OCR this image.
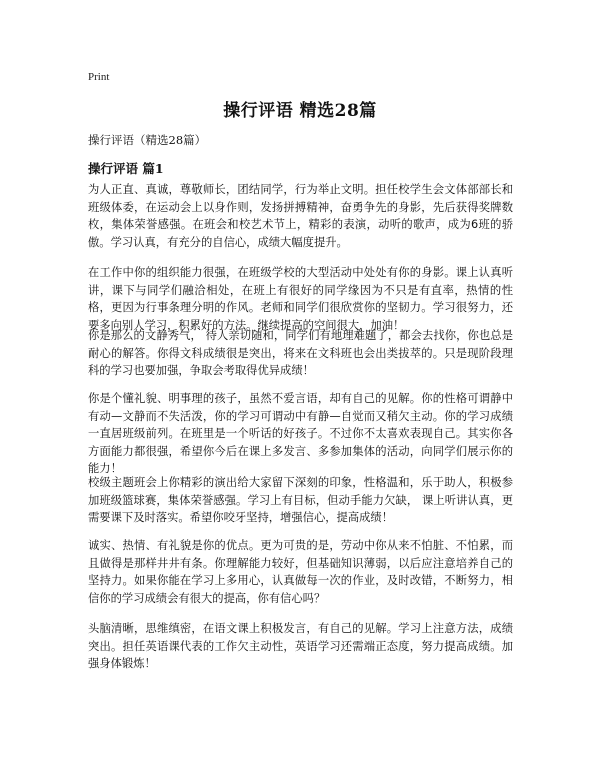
Print
操行评语 精选28篇
操行评语（精选28篇）
操行评语 篇1

为人正直、真诚，尊敬师长，团结同学，行为举止文明。担任校学生会文体部部长和班级体委，在运动会上以身作则，发扬拼搏精神，奋勇争先的身影，先后获得奖牌数枚，集体荣誉感强。在班会和校艺术节上，精彩的表演，动听的歌声，成为6班的骄傲。学习认真，有充分的自信心，成绩大幅度提升。

在工作中你的组织能力很强，在班级学校的大型活动中处处有你的身影。课上认真听讲，课下与同学们融洽相处，在班上有很好的同学缘因为不只是有直率，热情的性格，更因为行事条理分明的作风。老师和同学们很欣赏你的坚韧力。学习很努力，还要多向别人学习，积累好的方法。继续提高的空间很大，加油！

你是那么的文静秀气， 待人亲切随和，同学们有地理难题了，都会去找你，你也总是耐心的解答。你得文科成绩很是突出，将来在文科班也会出类拔萃的。只是现阶段理科的学习也要加强，争取会考取得优异成绩！

你是个懂礼貌、明事理的孩子，虽然不爱言语，却有自己的见解。你的性格可谓静中有动—文静而不失活泼，你的学习可谓动中有静—自觉而又稍欠主动。你的学习成绩一直居班级前列。在班里是一个听话的好孩子。不过你不太喜欢表现自己。其实你各方面能力都很强，希望你今后在课上多发言、多参加集体的活动，向同学们展示你的能力！

校级主题班会上你精彩的演出给大家留下深刻的印象，性格温和，乐于助人，积极参加班级篮球赛，集体荣誉感强。学习上有目标，但动手能力欠缺， 课上听讲认真，更需要课下及时落实。希望你咬牙坚持，增强信心，提高成绩！

诚实、热情、有礼貌是你的优点。更为可贵的是，劳动中你从来不怕脏、不怕累，而且做得是那样井井有条。你理解能力较好，但基础知识薄弱，以后应注意培养自己的坚持力。如果你能在学习上多用心，认真做每一次的作业，及时改错，不断努力，相信你的学习成绩会有很大的提高，你有信心吗？

头脑清晰，思维缜密，在语文课上积极发言，有自己的见解。学习上注意方法，成绩突出。担任英语课代表的工作欠主动性，英语学习还需端正态度，努力提高成绩。加强身体锻炼！
